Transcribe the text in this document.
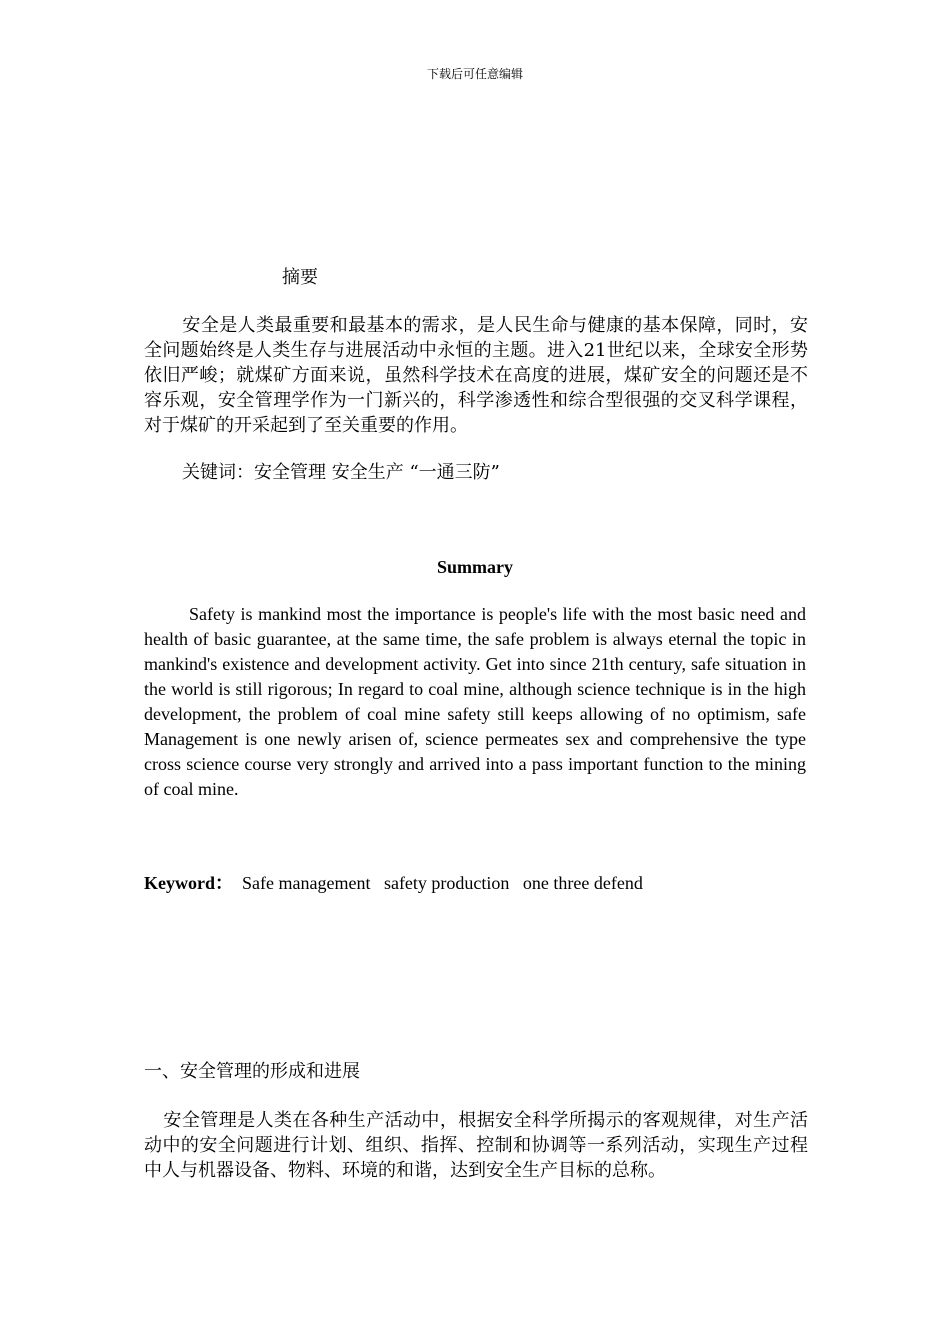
下载后可任意编辑
摘要

安全是人类最重要和最基本的需求，是人民生命与健康的基本保障，同时，安全问题始终是人类生存与进展活动中永恒的主题。进入21世纪以来，全球安全形势依旧严峻；就煤矿方面来说，虽然科学技术在高度的进展，煤矿安全的问题还是不容乐观，安全管理学作为一门新兴的，科学渗透性和综合型很强的交叉科学课程，对于煤矿的开采起到了至关重要的作用。

关键词：安全管理 安全生产 “一通三防”

Summary

Safety is mankind most the importance is people's life with the most basic need and health of basic guarantee, at the same time, the safe problem is always eternal the topic in mankind's existence and development activity. Get into since 21th century, safe situation in the world is still rigorous; In regard to coal mine, although science technique is in the high development, the problem of coal mine safety still keeps allowing of no optimism, safe Management is one newly arisen of, science permeates sex and comprehensive the type cross science course very strongly and arrived into a pass important function to the mining of coal mine.

Keyword：  Safe management   safety production   one three defend

一、安全管理的形成和进展

安全管理是人类在各种生产活动中，根据安全科学所揭示的客观规律，对生产活动中的安全问题进行计划、组织、指挥、控制和协调等一系列活动，实现生产过程中人与机器设备、物料、环境的和谐，达到安全生产目标的总称。
